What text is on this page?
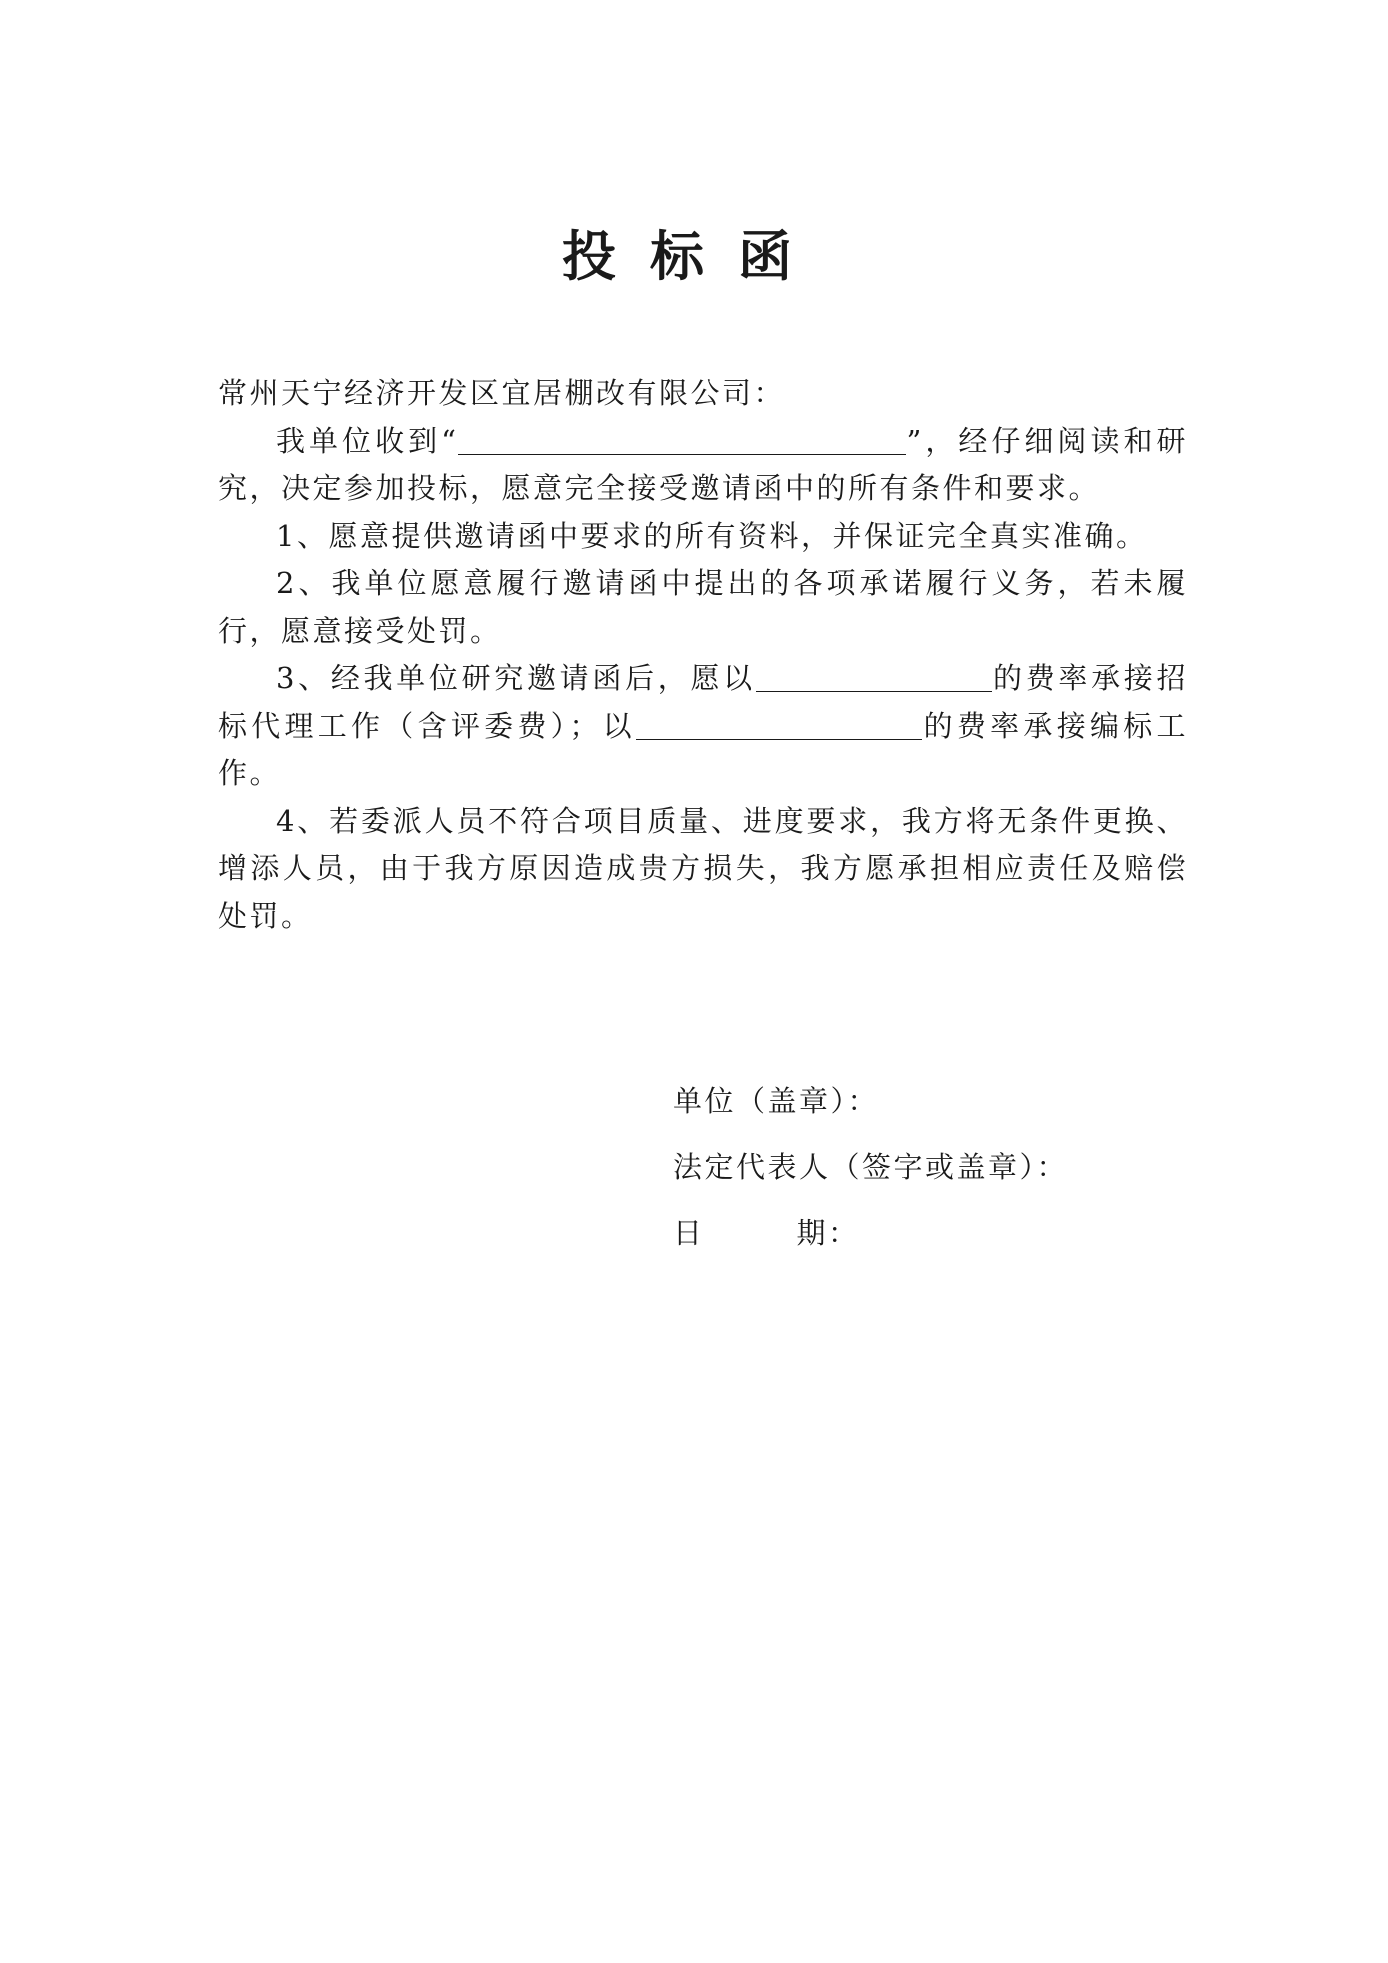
投标函

常州天宁经济开发区宜居棚改有限公司：

我单位收到“	”，经仔细阅读和研究，决定参加投标，愿意完全接受邀请函中的所有条件和要求。

1、愿意提供邀请函中要求的所有资料，并保证完全真实准确。

2、我单位愿意履行邀请函中提出的各项承诺履行义务，若未履行，愿意接受处罚。

3、经我单位研究邀请函后，愿以	的费率承接招标代理工作（含评委费）；以	的费率承接编标工作。

4、若委派人员不符合项目质量、进度要求，我方将无条件更换、增添人员，由于我方原因造成贵方损失，我方愿承担相应责任及赔偿处罚。

单位（盖章）：
法定代表人（签字或盖章）：
日	期：
